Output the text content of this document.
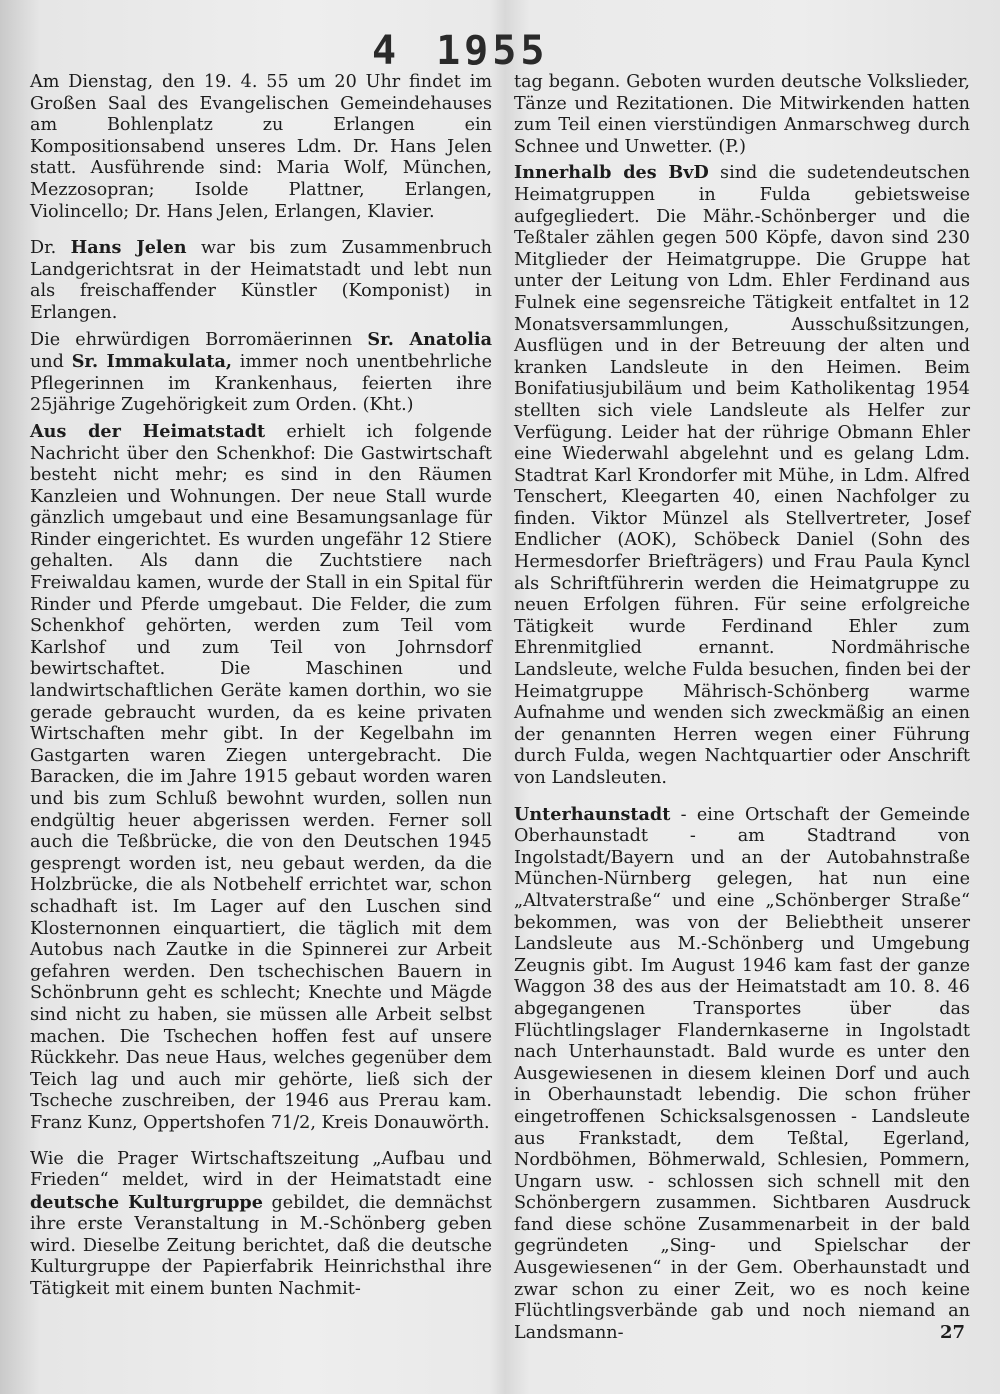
4 1955

Am Dienstag, den 19. 4. 55 um 20 Uhr findet im Großen Saal des Evangelischen Gemeindehauses am Bohlenplatz zu Erlangen ein Kompositionsabend unseres Ldm. Dr. Hans Jelen statt. Ausführende sind: Maria Wolf, München, Mezzosopran; Isolde Plattner, Erlangen, Violincello; Dr. Hans Jelen, Erlangen, Klavier.

Dr. Hans Jelen war bis zum Zusammenbruch Landgerichtsrat in der Heimatstadt und lebt nun als freischaffender Künstler (Komponist) in Erlangen.

Die ehrwürdigen Borromäerinnen Sr. Anatolia und Sr. Immakulata, immer noch unentbehrliche Pflegerinnen im Krankenhaus, feierten ihre 25jährige Zugehörigkeit zum Orden. (Kht.)

Aus der Heimatstadt erhielt ich folgende Nachricht über den Schenkhof: Die Gastwirtschaft besteht nicht mehr; es sind in den Räumen Kanzleien und Wohnungen. Der neue Stall wurde gänzlich umgebaut und eine Besamungsanlage für Rinder eingerichtet. Es wurden ungefähr 12 Stiere gehalten. Als dann die Zuchtstiere nach Freiwaldau kamen, wurde der Stall in ein Spital für Rinder und Pferde umgebaut. Die Felder, die zum Schenkhof gehörten, werden zum Teil vom Karlshof und zum Teil von Johrnsdorf bewirtschaftet. Die Maschinen und landwirtschaftlichen Geräte kamen dorthin, wo sie gerade gebraucht wurden, da es keine privaten Wirtschaften mehr gibt. In der Kegelbahn im Gastgarten waren Ziegen untergebracht. Die Baracken, die im Jahre 1915 gebaut worden waren und bis zum Schluß bewohnt wurden, sollen nun endgültig heuer abgerissen werden. Ferner soll auch die Teßbrücke, die von den Deutschen 1945 gesprengt worden ist, neu gebaut werden, da die Holzbrücke, die als Notbehelf errichtet war, schon schadhaft ist. Im Lager auf den Luschen sind Klosternonnen einquartiert, die täglich mit dem Autobus nach Zautke in die Spinnerei zur Arbeit gefahren werden. Den tschechischen Bauern in Schönbrunn geht es schlecht; Knechte und Mägde sind nicht zu haben, sie müssen alle Arbeit selbst machen. Die Tschechen hoffen fest auf unsere Rückkehr. Das neue Haus, welches gegenüber dem Teich lag und auch mir gehörte, ließ sich der Tscheche zuschreiben, der 1946 aus Prerau kam. Franz Kunz, Oppertshofen 71/2, Kreis Donauwörth.

Wie die Prager Wirtschaftszeitung „Aufbau und Frieden“ meldet, wird in der Heimatstadt eine deutsche Kulturgruppe gebildet, die demnächst ihre erste Veranstaltung in M.-Schönberg geben wird. Dieselbe Zeitung berichtet, daß die deutsche Kulturgruppe der Papierfabrik Heinrichsthal ihre Tätigkeit mit einem bunten Nachmit-

tag begann. Geboten wurden deutsche Volkslieder, Tänze und Rezitationen. Die Mitwirkenden hatten zum Teil einen vierstündigen Anmarschweg durch Schnee und Unwetter. (P.)

Innerhalb des BvD sind die sudetendeutschen Heimatgruppen in Fulda gebietsweise aufgegliedert. Die Mähr.-Schönberger und die Teßtaler zählen gegen 500 Köpfe, davon sind 230 Mitglieder der Heimatgruppe. Die Gruppe hat unter der Leitung von Ldm. Ehler Ferdinand aus Fulnek eine segensreiche Tätigkeit entfaltet in 12 Monatsversammlungen, Ausschußsitzungen, Ausflügen und in der Betreuung der alten und kranken Landsleute in den Heimen. Beim Bonifatiusjubiläum und beim Katholikentag 1954 stellten sich viele Landsleute als Helfer zur Verfügung. Leider hat der rührige Obmann Ehler eine Wiederwahl abgelehnt und es gelang Ldm. Stadtrat Karl Krondorfer mit Mühe, in Ldm. Alfred Tenschert, Kleegarten 40, einen Nachfolger zu finden. Viktor Münzel als Stellvertreter, Josef Endlicher (AOK), Schöbeck Daniel (Sohn des Hermesdorfer Briefträgers) und Frau Paula Kyncl als Schriftführerin werden die Heimatgruppe zu neuen Erfolgen führen. Für seine erfolgreiche Tätigkeit wurde Ferdinand Ehler zum Ehrenmitglied ernannt. Nordmährische Landsleute, welche Fulda besuchen, finden bei der Heimatgruppe Mährisch-Schönberg warme Aufnahme und wenden sich zweckmäßig an einen der genannten Herren wegen einer Führung durch Fulda, wegen Nachtquartier oder Anschrift von Landsleuten.

Unterhaunstadt - eine Ortschaft der Gemeinde Oberhaunstadt - am Stadtrand von Ingolstadt/Bayern und an der Autobahnstraße München-Nürnberg gelegen, hat nun eine „Altvaterstraße“ und eine „Schönberger Straße“ bekommen, was von der Beliebtheit unserer Landsleute aus M.-Schönberg und Umgebung Zeugnis gibt. Im August 1946 kam fast der ganze Waggon 38 des aus der Heimatstadt am 10. 8. 46 abgegangenen Transportes über das Flüchtlingslager Flandernkaserne in Ingolstadt nach Unterhaunstadt. Bald wurde es unter den Ausgewiesenen in diesem kleinen Dorf und auch in Oberhaunstadt lebendig. Die schon früher eingetroffenen Schicksalsgenossen - Landsleute aus Frankstadt, dem Teßtal, Egerland, Nordböhmen, Böhmerwald, Schlesien, Pommern, Ungarn usw. - schlossen sich schnell mit den Schönbergern zusammen. Sichtbaren Ausdruck fand diese schöne Zusammenarbeit in der bald gegründeten „Sing- und Spielschar der Ausgewiesenen“ in der Gem. Oberhaunstadt und zwar schon zu einer Zeit, wo es noch keine Flüchtlingsverbände gab und noch niemand an Landsmann-	27
